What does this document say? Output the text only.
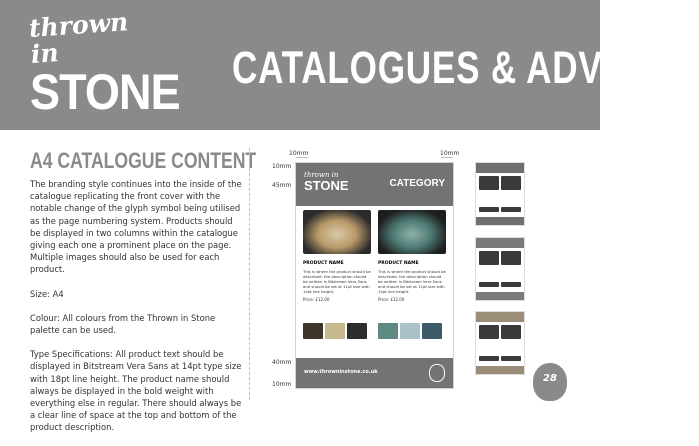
thrown in
STONE CATALOGUES & ADVERTS
A4 CATALOGUE CONTENT

The branding style continues into the inside of the catalogue replicating the front cover with the notable change of the glyph symbol being utilised as the page numbering system. Products should be displayed in two columns within the catalogue giving each one a prominent place on the page. Multiple images should also be used for each product.

Size: A4

Colour: All colours from the Thrown in Stone palette can be used.

Type Specifications: All product text should be displayed in Bitstream Vera Sans at 14pt type size with 18pt line height. The product name should always be displayed in the bold weight with everything else in regular. There should always be a clear line of space at the top and bottom of the product description.

10mm	10mm
10mm
45mm
40mm
10mm
thrown in
STONE	CATEGORY
PRODUCT NAME
This is where the product should be described. the description should be written in Bitstream Vera Sans and should be set at 11pt size with 14pt line height.
Price: £12.00
PRODUCT NAME
This is where the product should be described. the description should be written in Bitstream Vera Sans and should be set at 11pt size with 14pt line height.
Price: £12.00
www.throwninstone.co.uk
28
